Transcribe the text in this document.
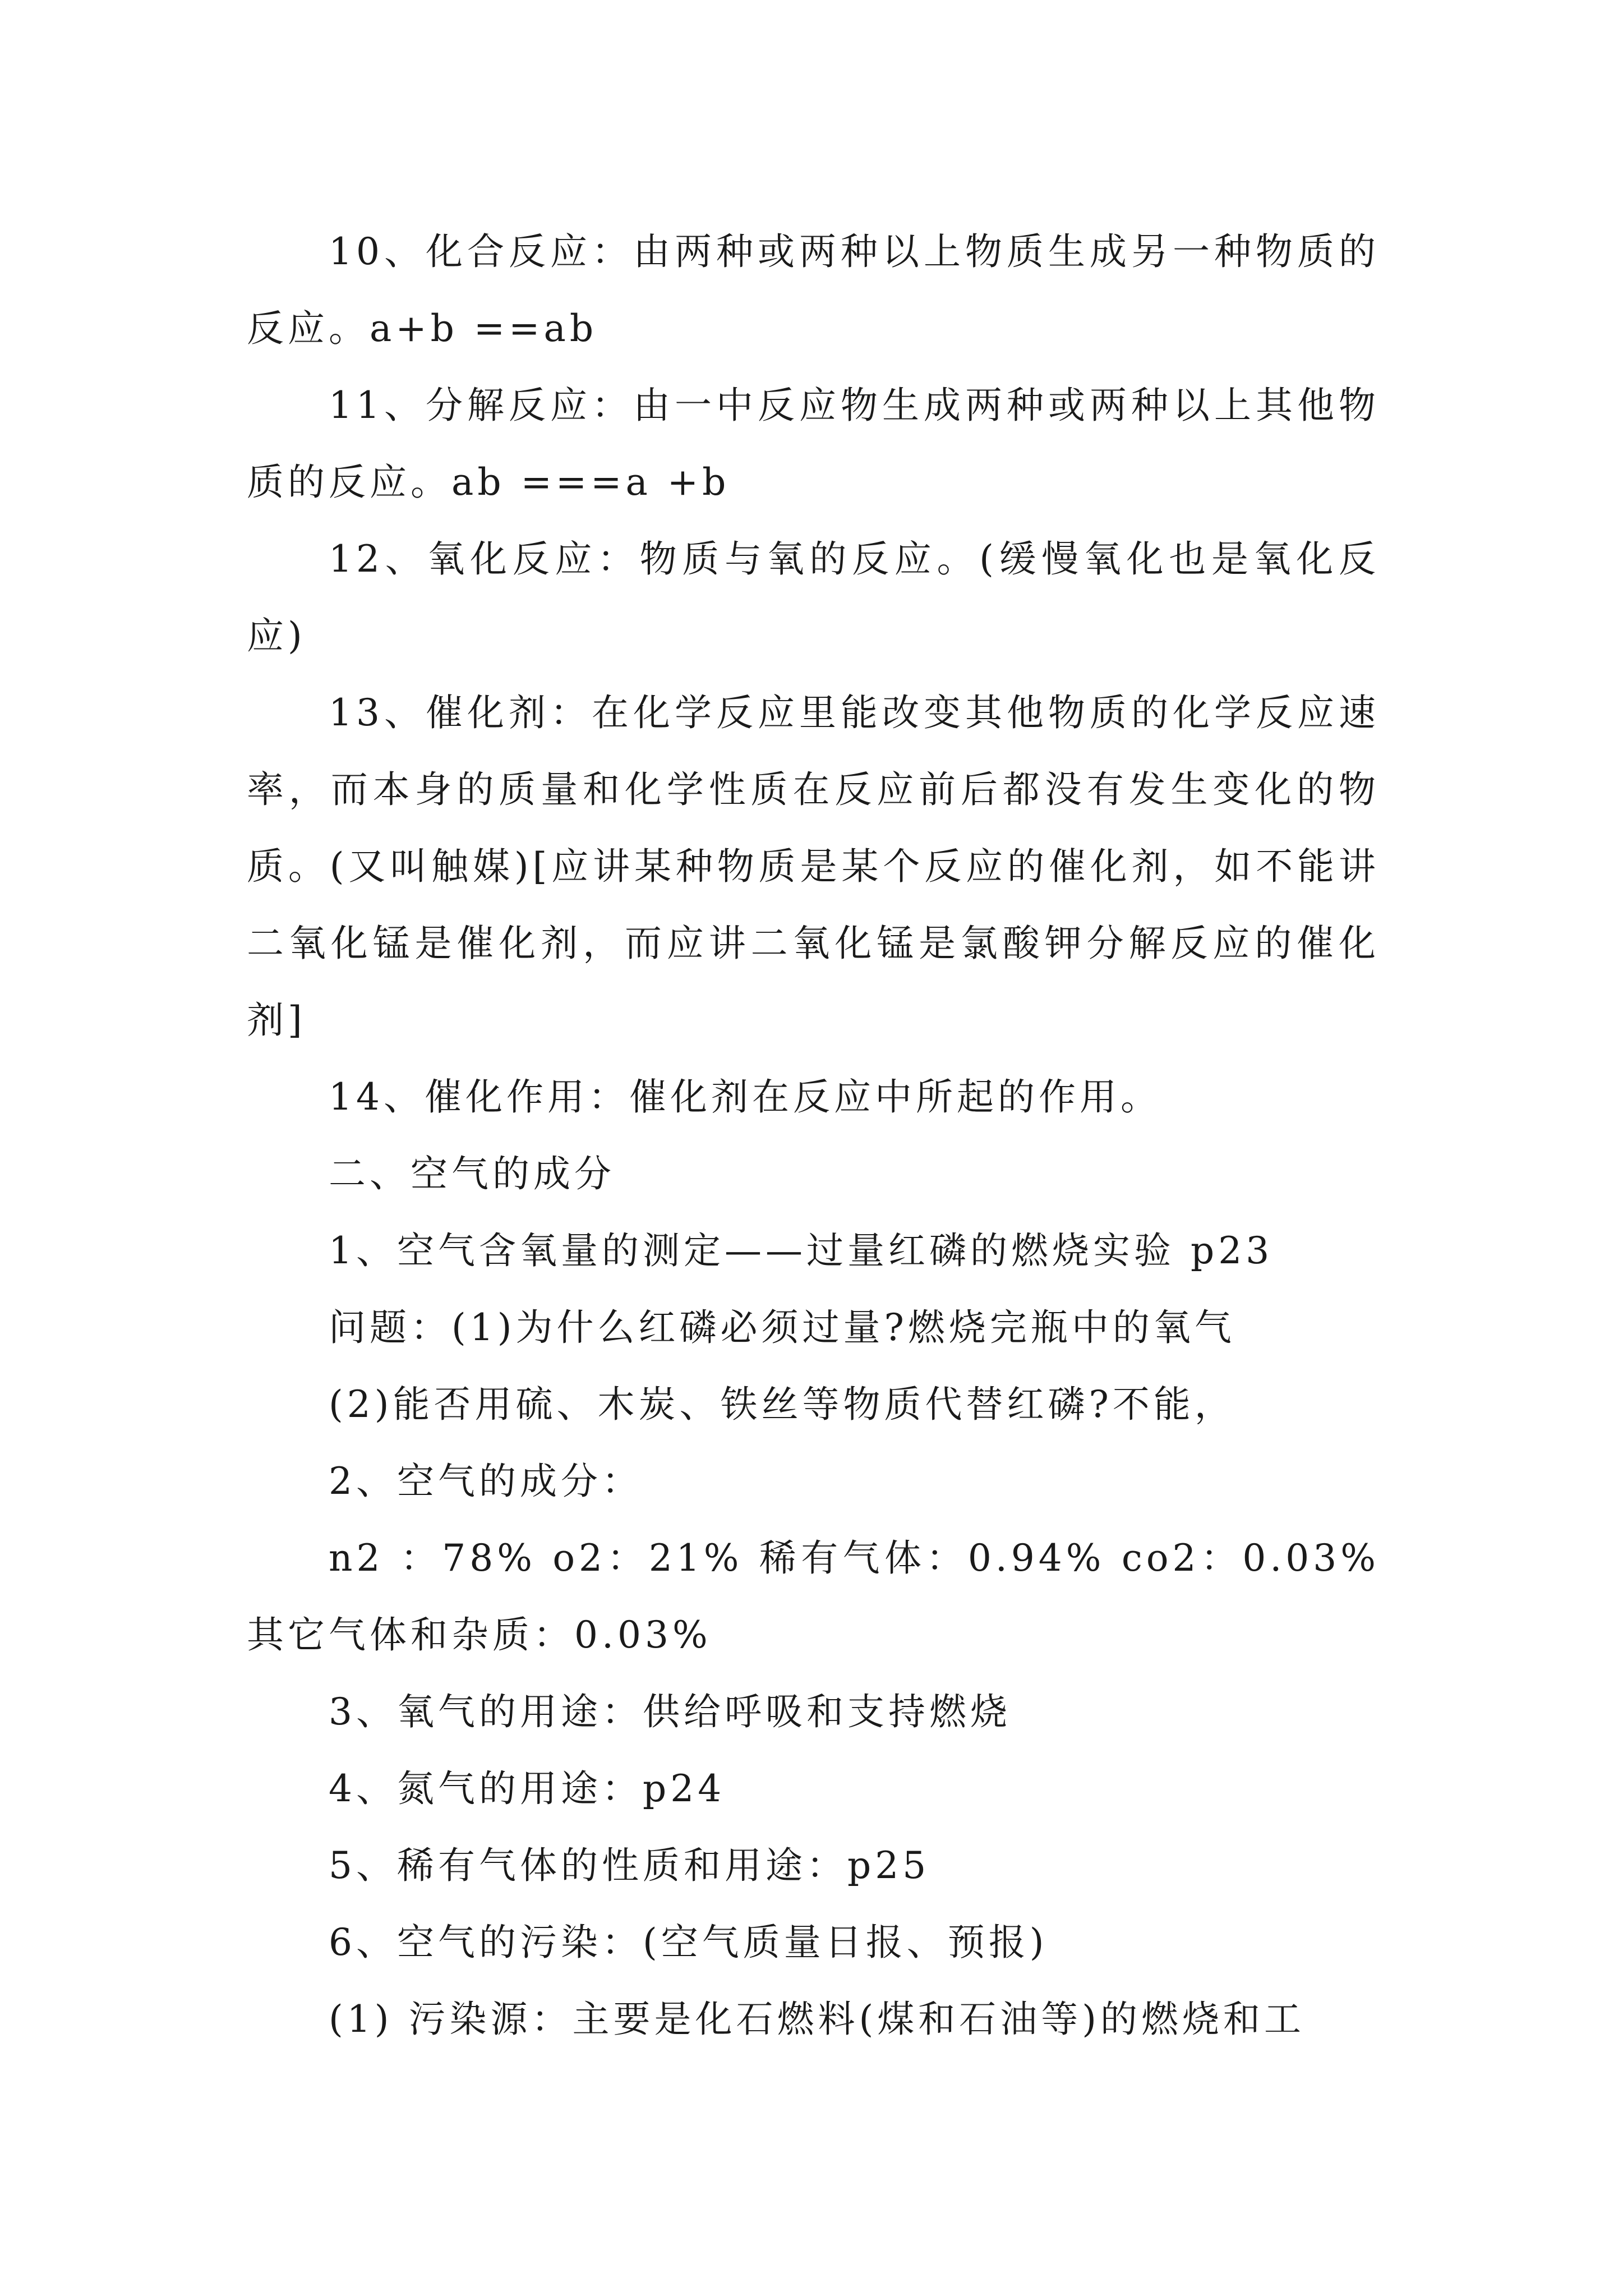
10、化合反应：由两种或两种以上物质生成另一种物质的反应。a+b ==ab

11、分解反应：由一中反应物生成两种或两种以上其他物质的反应。ab ===a +b

12、氧化反应：物质与氧的反应。(缓慢氧化也是氧化反应)

13、催化剂：在化学反应里能改变其他物质的化学反应速率，而本身的质量和化学性质在反应前后都没有发生变化的物质。(又叫触媒)[应讲某种物质是某个反应的催化剂，如不能讲二氧化锰是催化剂，而应讲二氧化锰是氯酸钾分解反应的催化剂]

14、催化作用：催化剂在反应中所起的作用。

二、空气的成分

1、空气含氧量的测定——过量红磷的燃烧实验 p23

问题：(1)为什么红磷必须过量?燃烧完瓶中的氧气

(2)能否用硫、木炭、铁丝等物质代替红磷?不能，

2、空气的成分：

n2 ：78% o2：21% 稀有气体：0.94% co2：0.03% 其它气体和杂质：0.03%

3、氧气的用途：供给呼吸和支持燃烧

4、氮气的用途：p24

5、稀有气体的性质和用途：p25

6、空气的污染：(空气质量日报、预报)

(1) 污染源：主要是化石燃料(煤和石油等)的燃烧和工
